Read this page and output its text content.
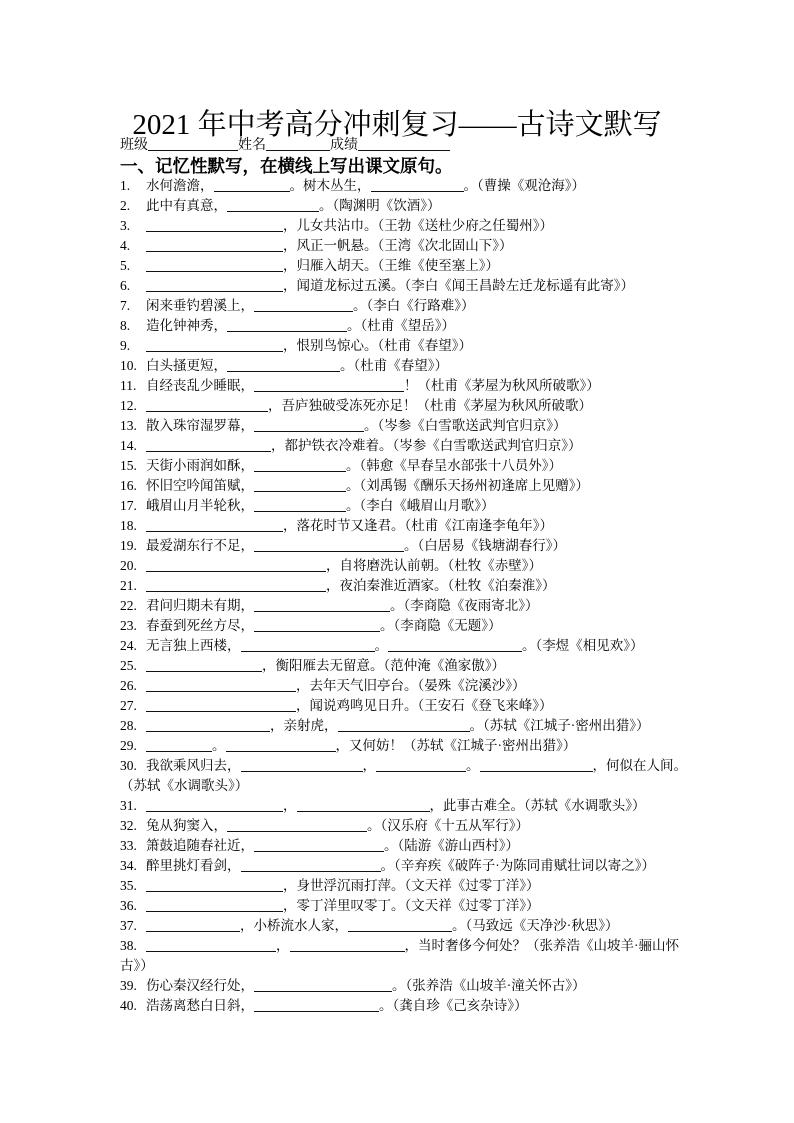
2021 年中考高分冲刺复习——古诗文默写
班级	姓名	成绩
一、记忆性默写，在横线上写出课文原句。
1. 水何澹澹，	。树木丛生，	。（曹操《观沧海》）
2. 此中有真意，	。（陶渊明《饮酒》）
3.	，儿女共沾巾。（王勃《送杜少府之任蜀州》）
4.	，风正一帆悬。（王湾《次北固山下》）
5.	，归雁入胡天。（王维《使至塞上》）
6.	，闻道龙标过五溪。（李白《闻王昌龄左迁龙标遥有此寄》）
7. 闲来垂钓碧溪上，	。（李白《行路难》）
8. 造化钟神秀，	。（杜甫《望岳》）
9.	，恨别鸟惊心。（杜甫《春望》）
10. 白头搔更短，	。（杜甫《春望》）
11. 自经丧乱少睡眠，	！（杜甫《茅屋为秋风所破歌》）
12.	，吾庐独破受冻死亦足！（杜甫《茅屋为秋风所破歌）
13. 散入珠帘湿罗幕，	。（岑参《白雪歌送武判官归京》）
14.	，都护铁衣冷难着。（岑参《白雪歌送武判官归京》）
15. 天街小雨润如酥，	。（韩愈《早春呈水部张十八员外》）
16. 怀旧空吟闻笛赋，	。（刘禹锡《酬乐天扬州初逢席上见赠》）
17. 峨眉山月半轮秋，	。（李白《峨眉山月歌》）
18.	，落花时节又逢君。（杜甫《江南逢李龟年》）
19. 最爱湖东行不足，	。（白居易《钱塘湖春行》）
20.	，自将磨洗认前朝。（杜牧《赤壁》）
21.	，夜泊秦淮近酒家。（杜牧《泊秦淮》）
22. 君问归期未有期，	。（李商隐《夜雨寄北》）
23. 春蚕到死丝方尽，	。（李商隐《无题》）
24. 无言独上西楼，	。	。（李煜《相见欢》）
25.	，衡阳雁去无留意。（范仲淹《渔家傲》）
26.	，去年天气旧亭台。（晏殊《浣溪沙》）
27.	，闻说鸡鸣见日升。（王安石《登飞来峰》）
28.	，亲射虎，	。（苏轼《江城子·密州出猎》）
29.	。	，又何妨！（苏轼《江城子·密州出猎》）
30. 我欲乘风归去，	，	。	，何似在人间。（苏轼《水调歌头》）
31.	，	，此事古难全。（苏轼《水调歌头》）
32. 兔从狗窦入，	。（汉乐府《十五从军行》）
33. 箫鼓追随春社近，	。（陆游《游山西村》）
34. 醉里挑灯看剑，	。（辛弃疾《破阵子·为陈同甫赋壮词以寄之》）
35.	，身世浮沉雨打萍。（文天祥《过零丁洋》）
36.	，零丁洋里叹零丁。（文天祥《过零丁洋》）
37.	，小桥流水人家，	。（马致远《天净沙·秋思》）
38.	，	，当时奢侈今何处？（张养浩《山坡羊·骊山怀古》）
39. 伤心秦汉经行处，	。（张养浩《山坡羊·潼关怀古》）
40. 浩荡离愁白日斜，	。（龚自珍《己亥杂诗》）
